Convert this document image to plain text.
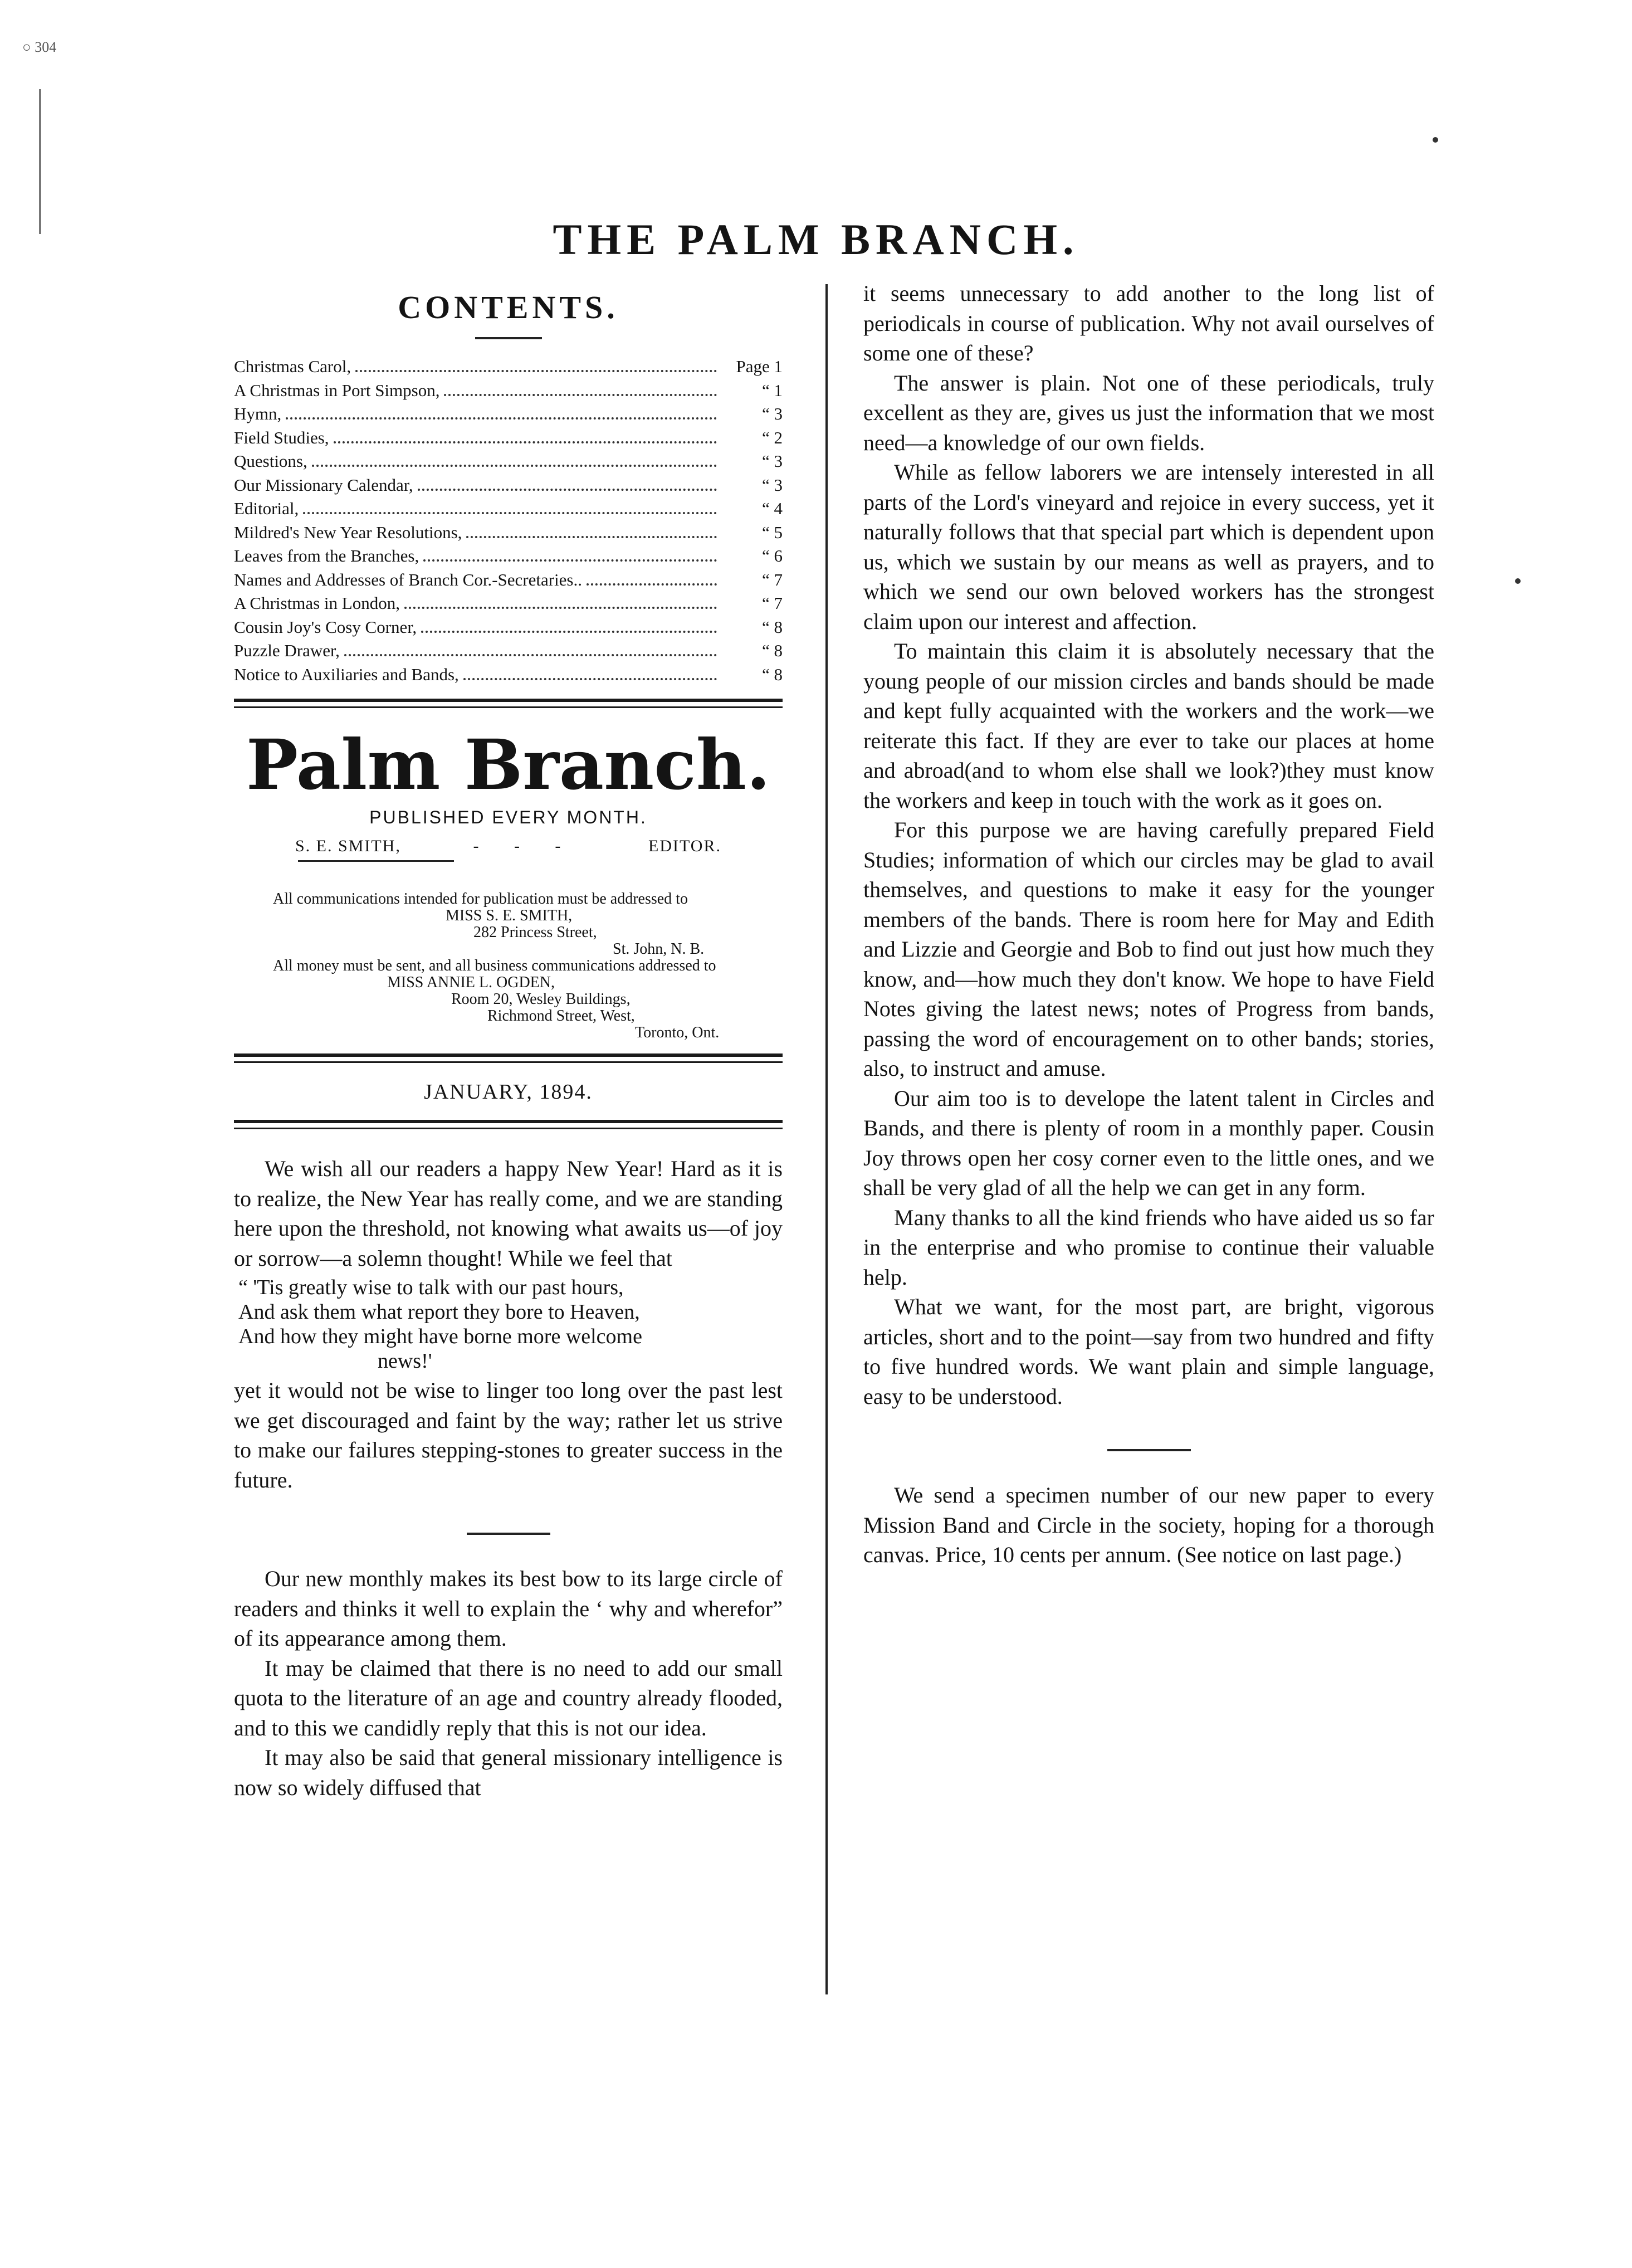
○ 304
THE PALM BRANCH.
CONTENTS.
Christmas Carol,	Page 1
A Christmas in Port Simpson,	“ 1
Hymn,	“ 3
Field Studies,	“ 2
Questions,	“ 3
Our Missionary Calendar,	“ 3
Editorial,	“ 4
Mildred's New Year Resolutions,	“ 5
Leaves from the Branches,	“ 6
Names and Addresses of Branch Cor.-Secretaries..	“ 7
A Christmas in London,	“ 7
Cousin Joy's Cosy Corner,	“ 8
Puzzle Drawer,	“ 8
Notice to Auxiliaries and Bands,	“ 8
Palm Branch.
PUBLISHED EVERY MONTH.
S. E. SMITH,	- - -	EDITOR.

All communications intended for publication must be addressed to

MISS S. E. SMITH,
282 Princess Street,
St. John, N. B.

All money must be sent, and all business communications addressed to

MISS ANNIE L. OGDEN,
Room 20, Wesley Buildings,
Richmond Street, West,
Toronto, Ont.
JANUARY, 1894.

We wish all our readers a happy New Year! Hard as it is to realize, the New Year has really come, and we are standing here upon the threshold, not knowing what awaits us—of joy or sorrow—a solemn thought! While we feel that

“ 'Tis greatly wise to talk with our past hours,
And ask them what report they bore to Heaven,
And how they might have borne more welcome
news!'

yet it would not be wise to linger too long over the past lest we get discouraged and faint by the way; rather let us strive to make our failures stepping-stones to greater success in the future.

Our new monthly makes its best bow to its large circle of readers and thinks it well to explain the ‘ why and wherefor” of its appearance among them.

It may be claimed that there is no need to add our small quota to the literature of an age and country already flooded, and to this we candidly reply that this is not our idea.

It may also be said that general missionary intelligence is now so widely diffused that

it seems unnecessary to add another to the long list of periodicals in course of publication. Why not avail ourselves of some one of these?

The answer is plain. Not one of these periodicals, truly excellent as they are, gives us just the information that we most need—a knowledge of our own fields.

While as fellow laborers we are intensely interested in all parts of the Lord's vineyard and rejoice in every success, yet it naturally follows that that special part which is dependent upon us, which we sustain by our means as well as prayers, and to which we send our own beloved workers has the strongest claim upon our interest and affection.

To maintain this claim it is absolutely necessary that the young people of our mission circles and bands should be made and kept fully acquainted with the workers and the work—we reiterate this fact. If they are ever to take our places at home and abroad(and to whom else shall we look?)they must know the workers and keep in touch with the work as it goes on.

For this purpose we are having carefully prepared Field Studies; information of which our circles may be glad to avail themselves, and questions to make it easy for the younger members of the bands. There is room here for May and Edith and Lizzie and Georgie and Bob to find out just how much they know, and—how much they don't know. We hope to have Field Notes giving the latest news; notes of Progress from bands, passing the word of encouragement on to other bands; stories, also, to instruct and amuse.

Our aim too is to develope the latent talent in Circles and Bands, and there is plenty of room in a monthly paper. Cousin Joy throws open her cosy corner even to the little ones, and we shall be very glad of all the help we can get in any form.

Many thanks to all the kind friends who have aided us so far in the enterprise and who promise to continue their valuable help.

What we want, for the most part, are bright, vigorous articles, short and to the point—say from two hundred and fifty to five hundred words. We want plain and simple language, easy to be understood.

We send a specimen number of our new paper to every Mission Band and Circle in the society, hoping for a thorough canvas. Price, 10 cents per annum. (See notice on last page.)
